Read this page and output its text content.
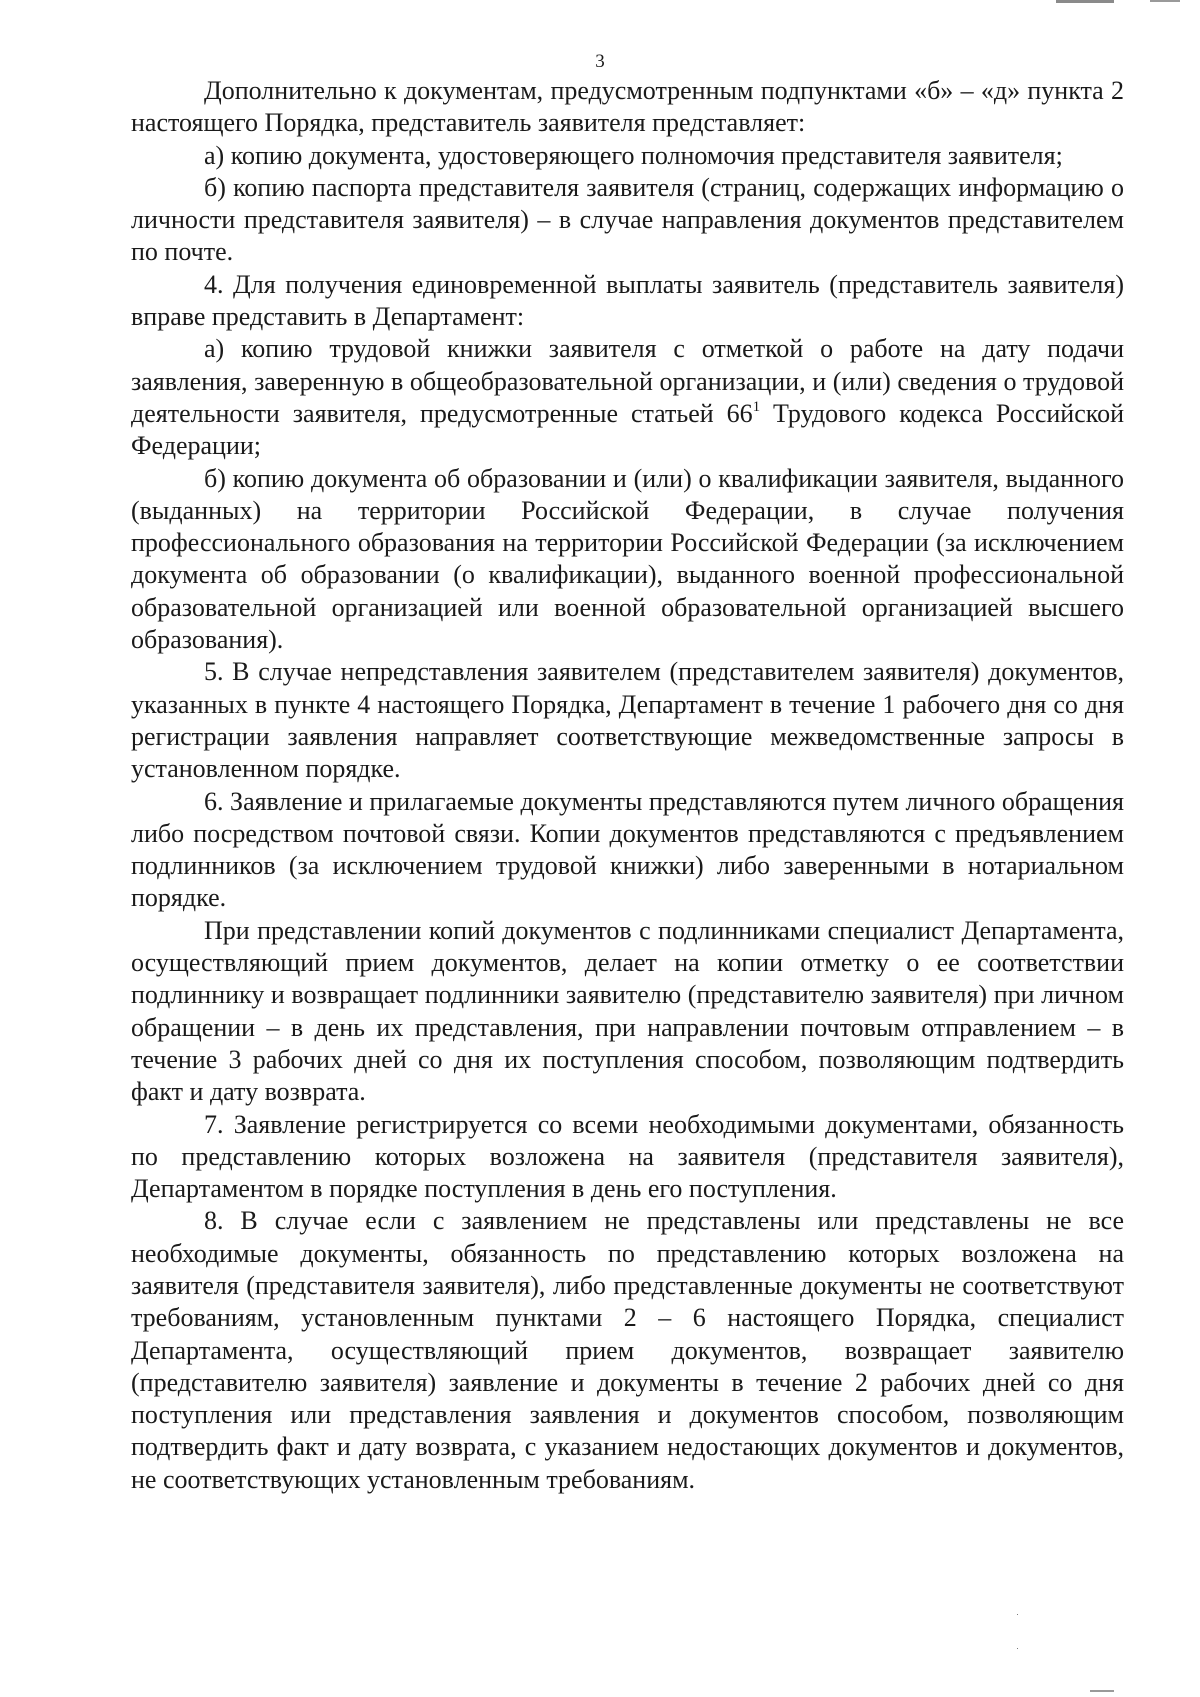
3

Дополнительно к документам, предусмотренным подпунктами «б» – «д» пункта 2 настоящего Порядка, представитель заявителя представляет:

а) копию документа, удостоверяющего полномочия представителя заявителя;

б) копию паспорта представителя заявителя (страниц, содержащих информацию о личности представителя заявителя) – в случае направления документов представителем по почте.

4. Для получения единовременной выплаты заявитель (представитель заявителя) вправе представить в Департамент:

а) копию трудовой книжки заявителя с отметкой о работе на дату подачи заявления, заверенную в общеобразовательной организации, и (или) сведения о трудовой деятельности заявителя, предусмотренные статьей $66^1$ Трудового кодекса Российской Федерации;

б) копию документа об образовании и (или) о квалификации заявителя, выданного (выданных) на территории Российской Федерации, в случае получения профессионального образования на территории Российской Федерации (за исключением документа об образовании (о квалификации), выданного военной профессиональной образовательной организацией или военной образовательной организацией высшего образования).

5. В случае непредставления заявителем (представителем заявителя) документов, указанных в пункте 4 настоящего Порядка, Департамент в течение 1 рабочего дня со дня регистрации заявления направляет соответствующие межведомственные запросы в установленном порядке.

6. Заявление и прилагаемые документы представляются путем личного обращения либо посредством почтовой связи. Копии документов представляются с предъявлением подлинников (за исключением трудовой книжки) либо заверенными в нотариальном порядке.

При представлении копий документов с подлинниками специалист Департамента, осуществляющий прием документов, делает на копии отметку о ее соответствии подлиннику и возвращает подлинники заявителю (представителю заявителя) при личном обращении – в день их представления, при направлении почтовым отправлением – в течение 3 рабочих дней со дня их поступления способом, позволяющим подтвердить факт и дату возврата.

7. Заявление регистрируется со всеми необходимыми документами, обязанность по представлению которых возложена на заявителя (представителя заявителя), Департаментом в порядке поступления в день его поступления.

8. В случае если с заявлением не представлены или представлены не все необходимые документы, обязанность по представлению которых возложена на заявителя (представителя заявителя), либо представленные документы не соответствуют требованиям, установленным пунктами 2 – 6 настоящего Порядка, специалист Департамента, осуществляющий прием документов, возвращает заявителю (представителю заявителя) заявление и документы в течение 2 рабочих дней со дня поступления или представления заявления и документов способом, позволяющим подтвердить факт и дату возврата, с указанием недостающих документов и документов, не соответствующих установленным требованиям.
